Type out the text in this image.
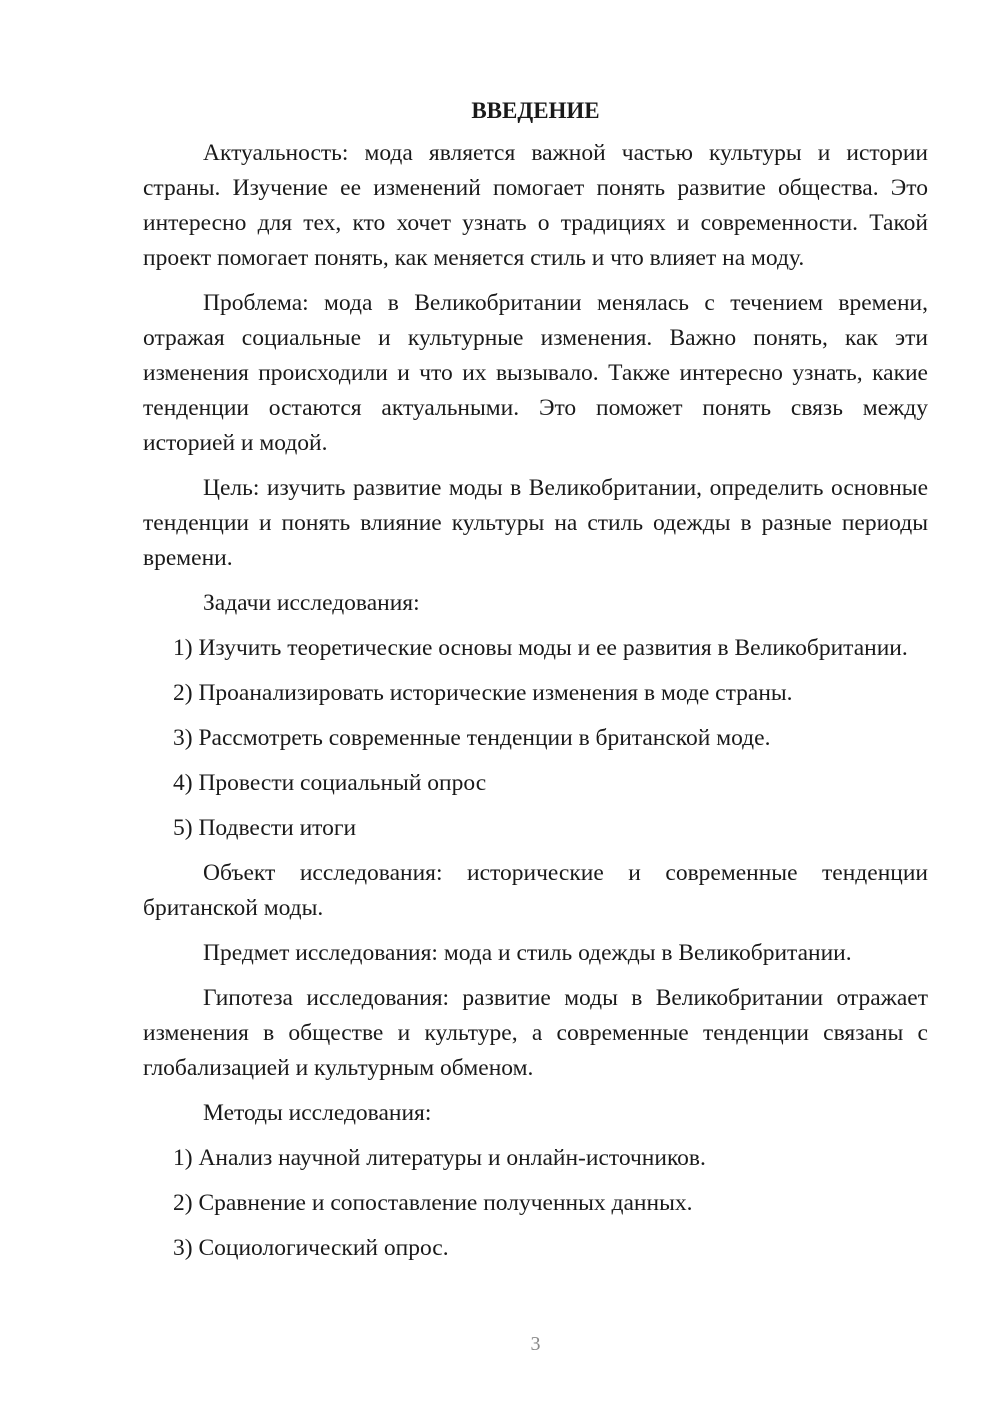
ВВЕДЕНИЕ

Актуальность: мода является важной частью культуры и истории страны. Изучение ее изменений помогает понять развитие общества. Это интересно для тех, кто хочет узнать о традициях и современности. Такой проект помогает понять, как меняется стиль и что влияет на моду.

Проблема: мода в Великобритании менялась с течением времени, отражая социальные и культурные изменения. Важно понять, как эти изменения происходили и что их вызывало. Также интересно узнать, какие тенденции остаются актуальными. Это поможет понять связь между историей и модой.

Цель: изучить развитие моды в Великобритании, определить основные тенденции и понять влияние культуры на стиль одежды в разные периоды времени.

Задачи исследования:

1) Изучить теоретические основы моды и ее развития в Великобритании.

2) Проанализировать исторические изменения в моде страны.

3) Рассмотреть современные тенденции в британской моде.

4) Провести социальный опрос

5) Подвести итоги

Объект исследования: исторические и современные тенденции британской моды.

Предмет исследования: мода и стиль одежды в Великобритании.

Гипотеза исследования: развитие моды в Великобритании отражает изменения в обществе и культуре, а современные тенденции связаны с глобализацией и культурным обменом.

Методы исследования:

1) Анализ научной литературы и онлайн-источников.

2) Сравнение и сопоставление полученных данных.

3) Социологический опрос.

3
